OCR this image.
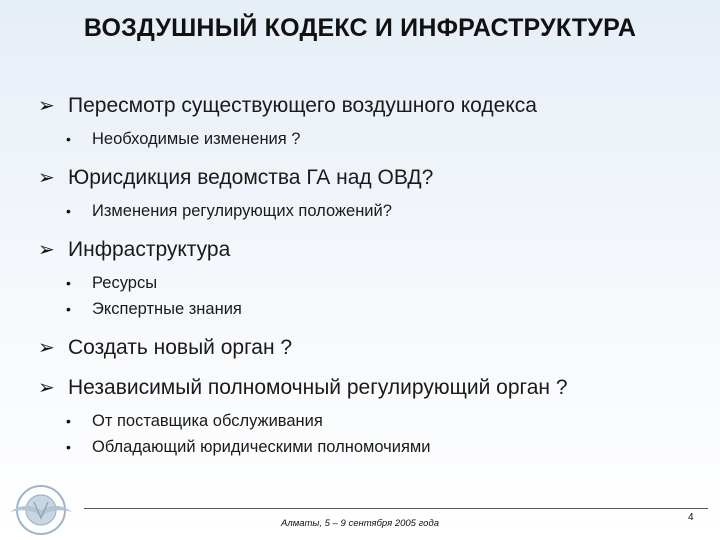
ВОЗДУШНЫЙ КОДЕКС И ИНФРАСТРУКТУРА
➢ Пересмотр существующего воздушного кодекса
•	Необходимые изменения ?
➢ Юрисдикция ведомства ГА над ОВД?
•	Изменения регулирующих положений?
➢ Инфраструктура
•	Ресурсы
•	Экспертные знания
➢ Создать новый орган ?
➢ Независимый полномочный регулирующий орган ?
•	От поставщика обслуживания
•	Обладающий юридическими полномочиями
Алматы, 5 – 9 сентября 2005 года
4
